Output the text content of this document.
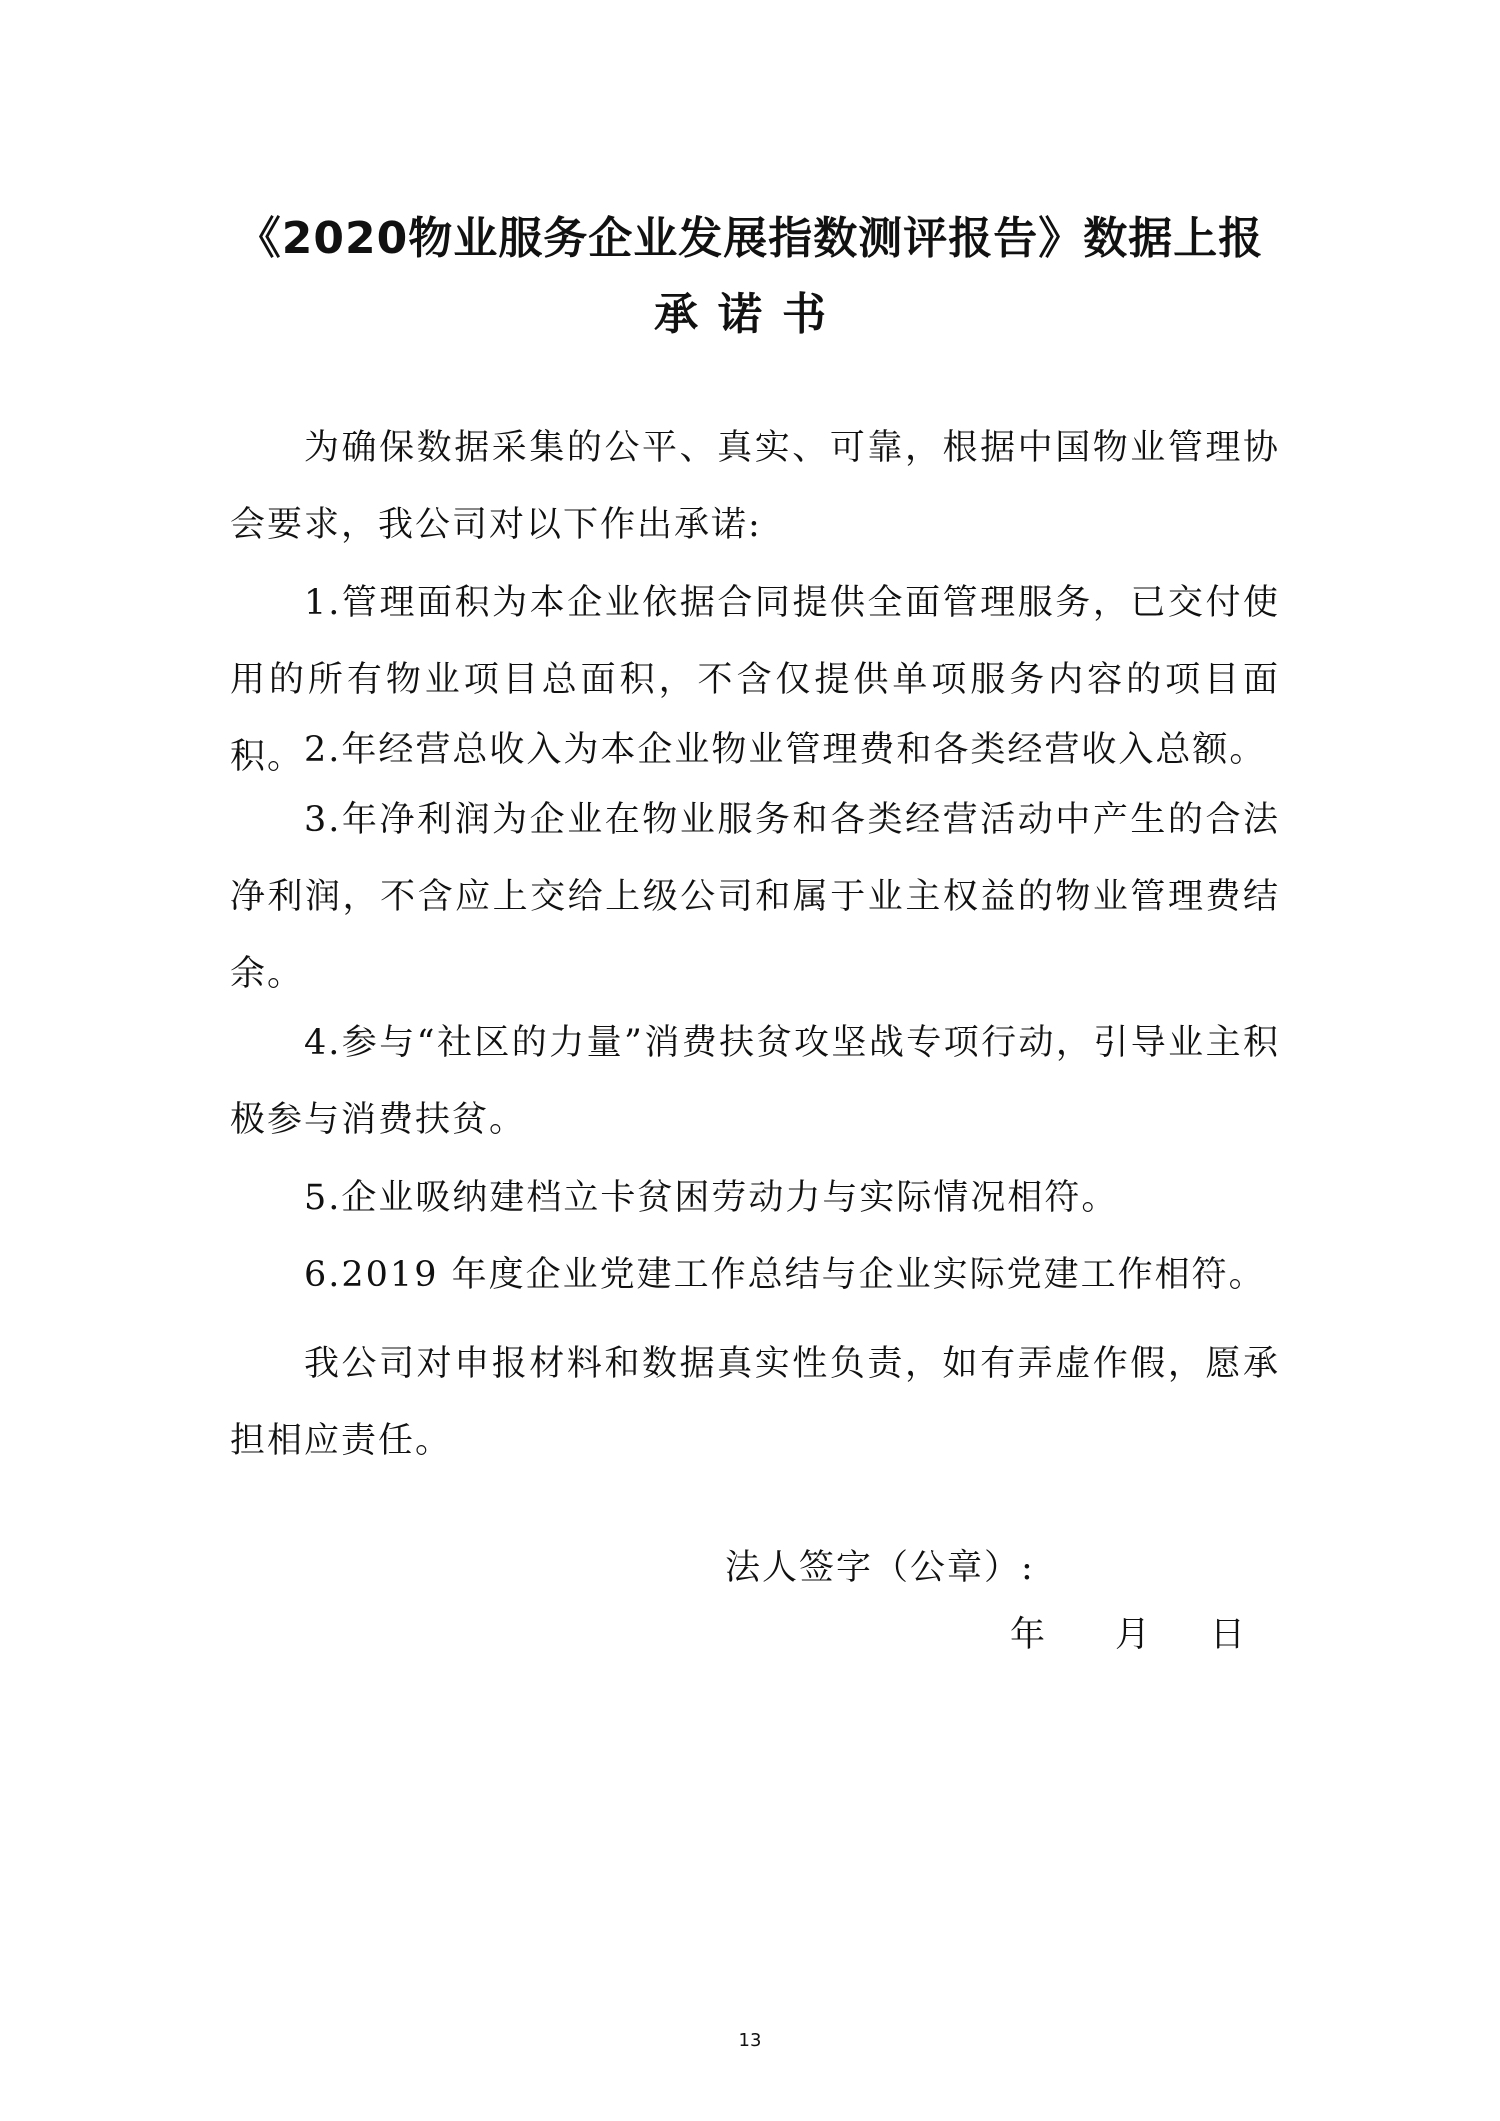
《2020物业服务企业发展指数测评报告》数据上报
承诺书

为确保数据采集的公平、真实、可靠，根据中国物业管理协会要求，我公司对以下作出承诺:

1.管理面积为本企业依据合同提供全面管理服务，已交付使用的所有物业项目总面积，不含仅提供单项服务内容的项目面积。 2.年经营总收入为本企业物业管理费和各类经营收入总额。

3.年净利润为企业在物业服务和各类经营活动中产生的合法净利润，不含应上交给上级公司和属于业主权益的物业管理费结余。

4.参与“社区的力量”消费扶贫攻坚战专项行动，引导业主积极参与消费扶贫。

5.企业吸纳建档立卡贫困劳动力与实际情况相符。

6.2019 年度企业党建工作总结与企业实际党建工作相符。

我公司对申报材料和数据真实性负责，如有弄虚作假，愿承担相应责任。

法人签字（公章）:

年	月	日

13
